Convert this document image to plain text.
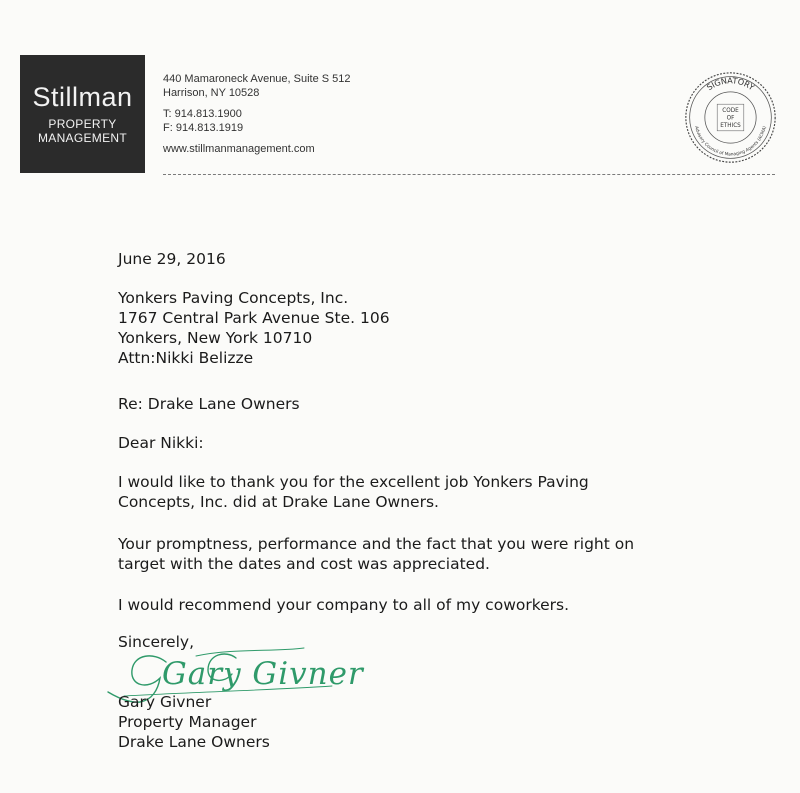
Stillman
PROPERTY
MANAGEMENT
440 Mamaroneck Avenue, Suite S 512
Harrison, NY 10528
T: 914.813.1900
F: 914.813.1919
www.stillmanmanagement.com
SIGNATORY
Advisory Council of Managing Agents (ACMA)
CODE
OF
ETHICS
June 29, 2016
Yonkers Paving Concepts, Inc.
1767 Central Park Avenue Ste. 106
Yonkers, New York 10710
Attn:Nikki Belizze
Re: Drake Lane Owners
Dear Nikki:
I would like to thank you for the excellent job Yonkers Paving
Concepts, Inc. did at Drake Lane Owners.
Your promptness, performance and the fact that you were right on
target with the dates and cost was appreciated.
I would recommend your company to all of my coworkers.
Sincerely,
Gary Givner
Gary Givner
Property Manager
Drake Lane Owners
